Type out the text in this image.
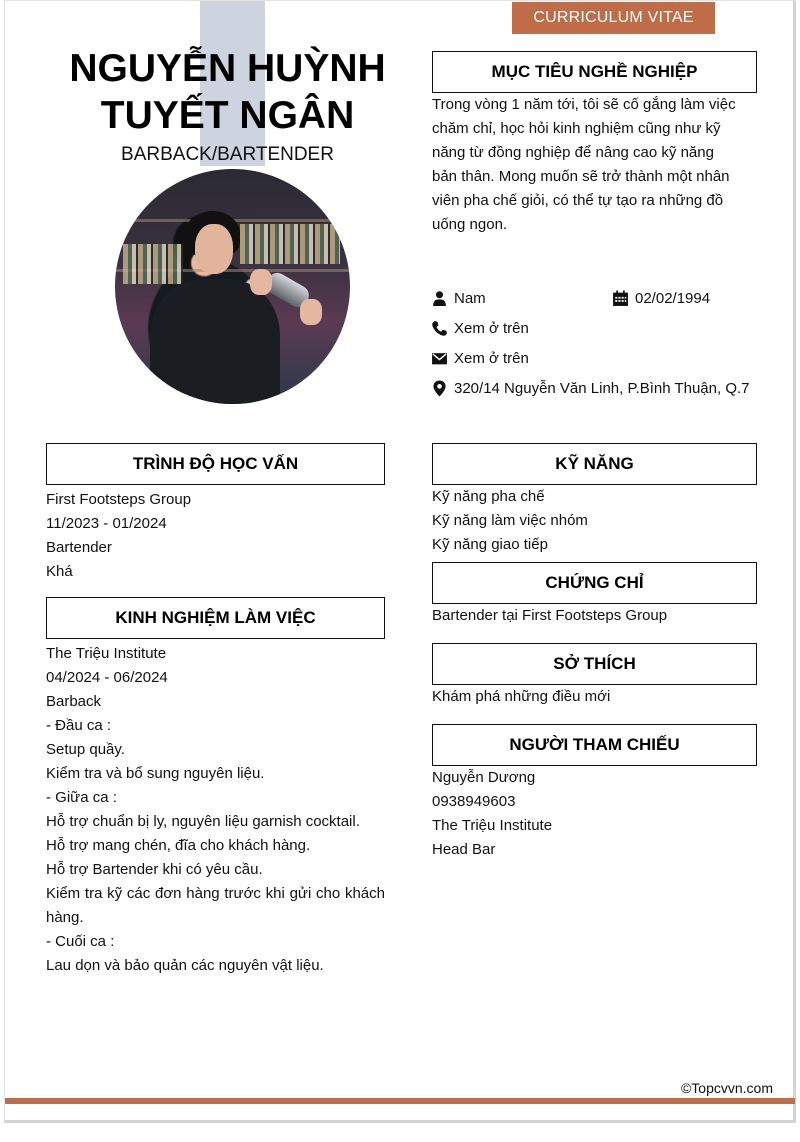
CURRICULUM VITAE
NGUYỄN HUỲNH
TUYẾT NGÂN
BARBACK/BARTENDER
MỤC TIÊU NGHỀ NGHIỆP
Trong vòng 1 năm tới, tôi sẽ cố gắng làm việc
chăm chỉ, học hỏi kinh nghiệm cũng như kỹ
năng từ đồng nghiệp để nâng cao kỹ năng
bản thân. Mong muốn sẽ trở thành một nhân
viên pha chế giỏi, có thể tự tạo ra những đồ
uống ngon.
Nam	02/02/1994
Xem ở trên
Xem ở trên
320/14 Nguyễn Văn Linh, P.Bình Thuận, Q.7
TRÌNH ĐỘ HỌC VẤN
First Footsteps Group
11/2023 - 01/2024
Bartender
Khá
KINH NGHIỆM LÀM VIỆC
The Triệu Institute
04/2024 - 06/2024
Barback
- Đầu ca :
Setup quầy.
Kiểm tra và bổ sung nguyên liệu.
- Giữa ca :
Hỗ trợ chuẩn bị ly, nguyên liệu garnish cocktail.
Hỗ trợ mang chén, đĩa cho khách hàng.
Hỗ trợ Bartender khi có yêu cầu.
Kiểm tra kỹ các đơn hàng trước khi gửi cho khách hàng.
- Cuối ca :
Lau dọn và bảo quản các nguyên vật liệu.
KỸ NĂNG
Kỹ năng pha chế
Kỹ năng làm việc nhóm
Kỹ năng giao tiếp
CHỨNG CHỈ
Bartender tại First Footsteps Group
SỞ THÍCH
Khám phá những điều mới
NGƯỜI THAM CHIẾU
Nguyễn Dương
0938949603
The Triệu Institute
Head Bar
©Topcvvn.com
